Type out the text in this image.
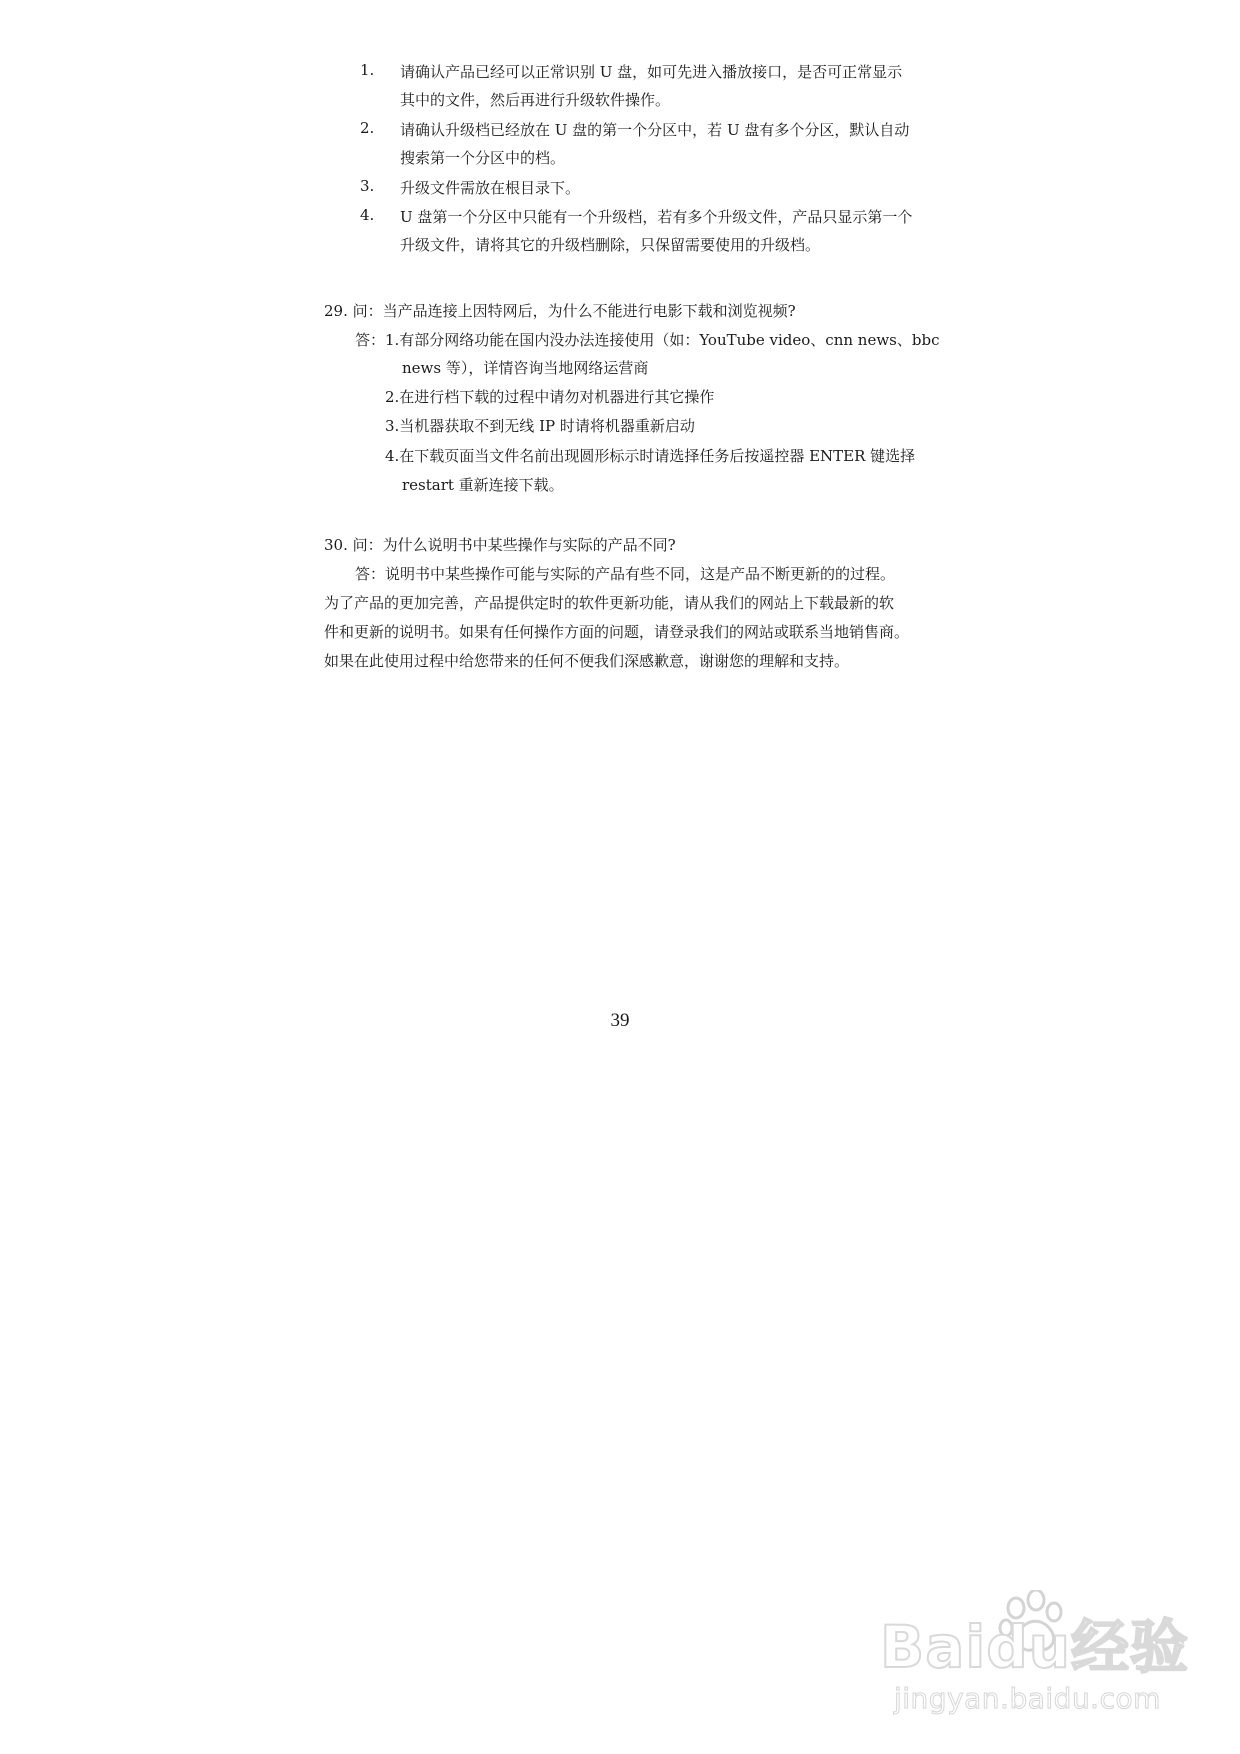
1. 请确认产品已经可以正常识别 U 盘，如可先进入播放接口，是否可正常显示
其中的文件，然后再进行升级软件操作。
2. 请确认升级档已经放在 U 盘的第一个分区中，若 U 盘有多个分区，默认自动
搜索第一个分区中的档。
3. 升级文件需放在根目录下。
4. U 盘第一个分区中只能有一个升级档，若有多个升级文件，产品只显示第一个
升级文件，请将其它的升级档删除，只保留需要使用的升级档。
29. 问：当产品连接上因特网后，为什么不能进行电影下载和浏览视频?
答：1.有部分网络功能在国内没办法连接使用（如：YouTube video、cnn news、bbc
news 等），详情咨询当地网络运营商
2.在进行档下载的过程中请勿对机器进行其它操作
3.当机器获取不到无线 IP 时请将机器重新启动
4.在下载页面当文件名前出现圆形标示时请选择任务后按遥控器 ENTER 键选择
restart 重新连接下载。
30. 问：为什么说明书中某些操作与实际的产品不同?
答：说明书中某些操作可能与实际的产品有些不同，这是产品不断更新的的过程。
为了产品的更加完善，产品提供定时的软件更新功能，请从我们的网站上下载最新的软
件和更新的说明书。如果有任何操作方面的问题，请登录我们的网站或联系当地销售商。
如果在此使用过程中给您带来的任何不便我们深感歉意，谢谢您的理解和支持。
39
Baidu经验
jingyan.baidu.com
